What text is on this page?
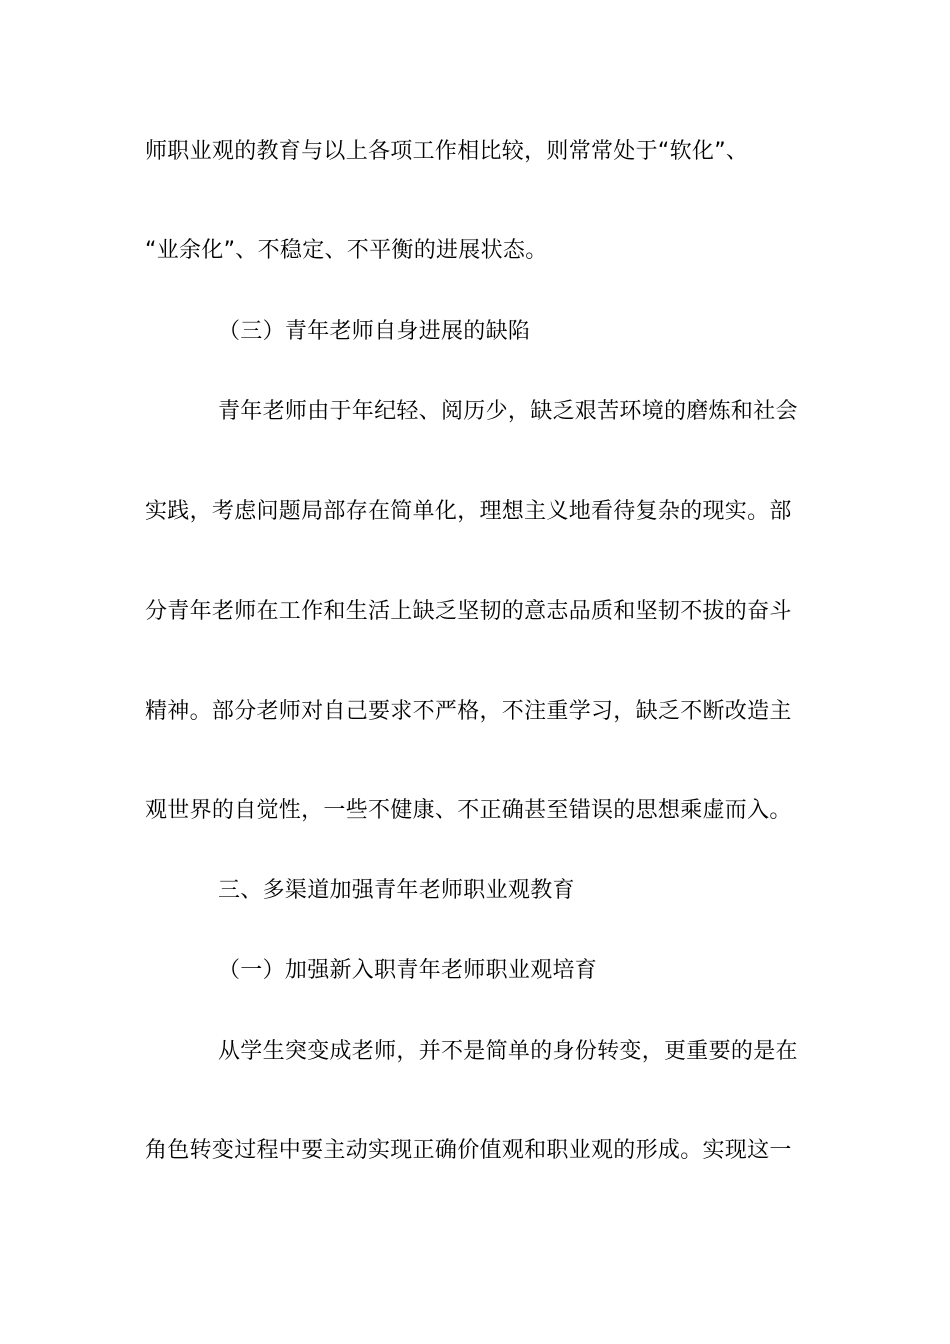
师职业观的教育与以上各项工作相比较，则常常处于“软化”、
“业余化”、不稳定、不平衡的进展状态。
（三）青年老师自身进展的缺陷
青年老师由于年纪轻、阅历少，缺乏艰苦环境的磨炼和社会
实践，考虑问题局部存在简单化，理想主义地看待复杂的现实。部
分青年老师在工作和生活上缺乏坚韧的意志品质和坚韧不拔的奋斗
精神。部分老师对自己要求不严格，不注重学习，缺乏不断改造主
观世界的自觉性，一些不健康、不正确甚至错误的思想乘虚而入。
三、多渠道加强青年老师职业观教育
（一）加强新入职青年老师职业观培育
从学生突变成老师，并不是简单的身份转变，更重要的是在
角色转变过程中要主动实现正确价值观和职业观的形成。实现这一
